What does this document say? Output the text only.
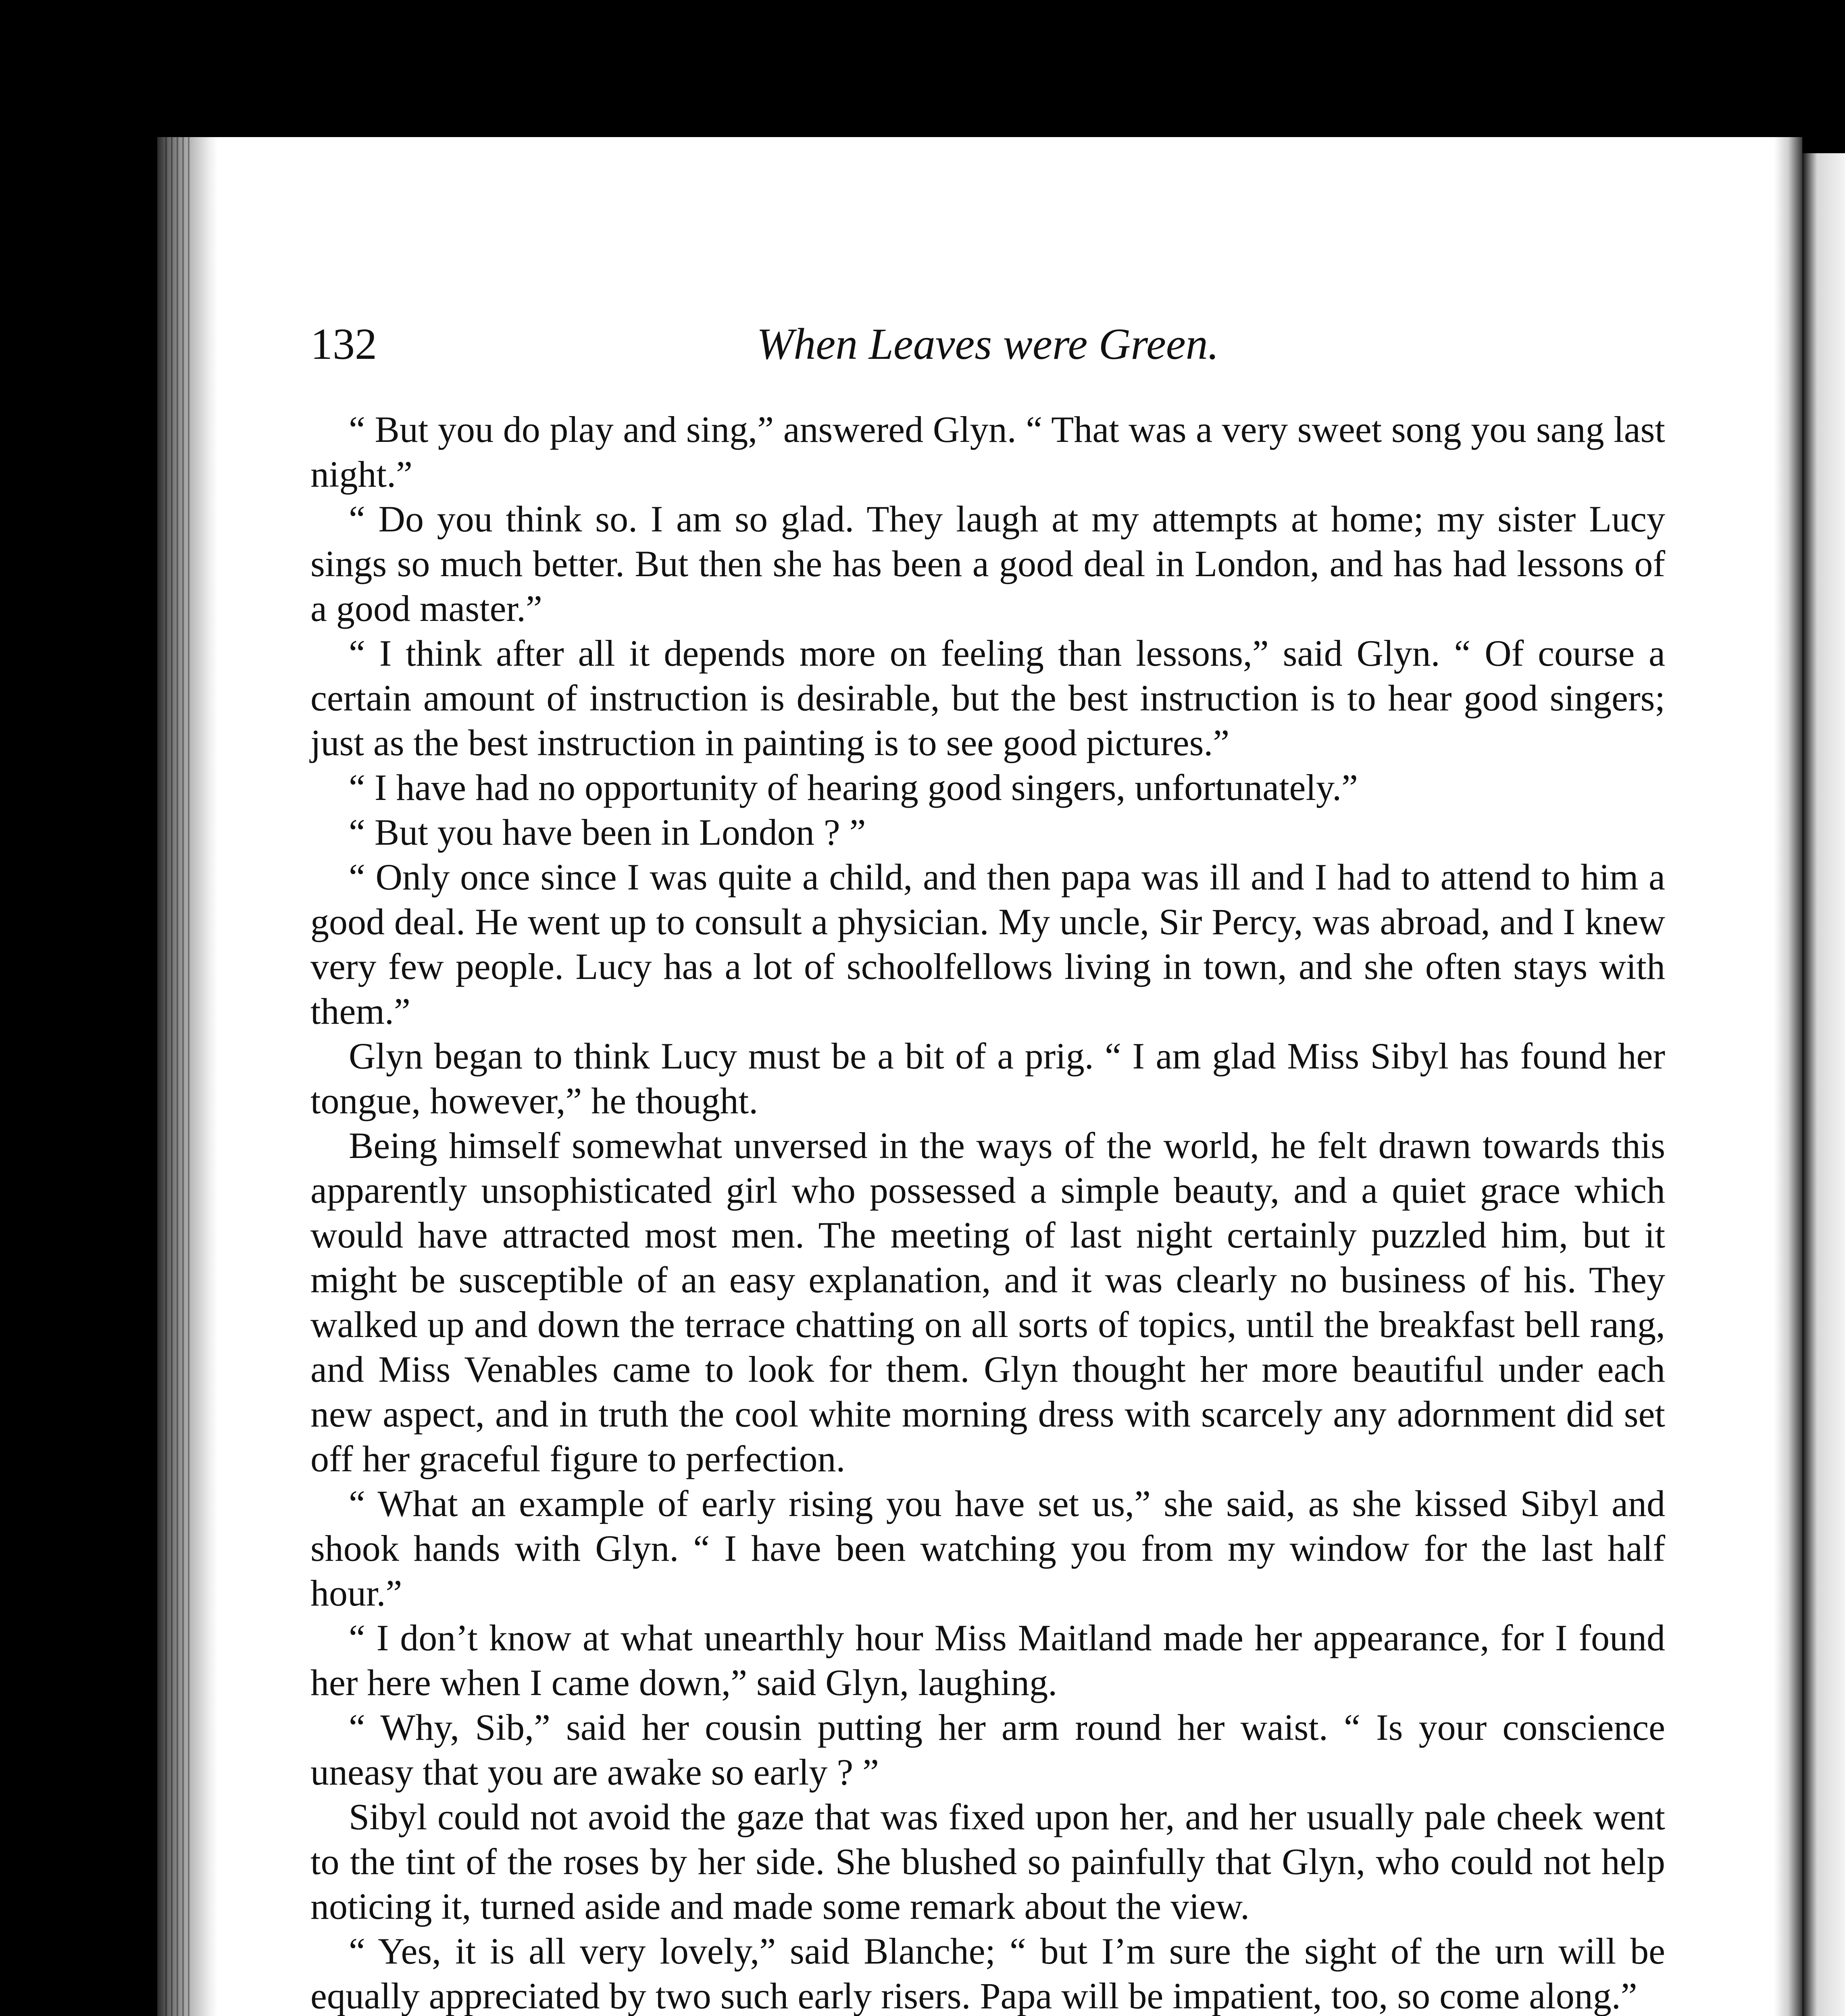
132	When Leaves were Green.

“ But you do play and sing,” answered Glyn. “ That was a very sweet song you sang last night.”

“ Do you think so. I am so glad. They laugh at my attempts at home; my sister Lucy sings so much better. But then she has been a good deal in London, and has had lessons of a good master.”

“ I think after all it depends more on feeling than lessons,” said Glyn. “ Of course a certain amount of instruction is desirable, but the best instruction is to hear good singers; just as the best instruction in painting is to see good pictures.”

“ I have had no opportunity of hearing good singers, unfortunately.”

“ But you have been in London ? ”

“ Only once since I was quite a child, and then papa was ill and I had to attend to him a good deal. He went up to consult a physician. My uncle, Sir Percy, was abroad, and I knew very few people. Lucy has a lot of schoolfellows living in town, and she often stays with them.”

Glyn began to think Lucy must be a bit of a prig. “ I am glad Miss Sibyl has found her tongue, however,” he thought.

Being himself somewhat unversed in the ways of the world, he felt drawn towards this apparently unsophisticated girl who possessed a simple beauty, and a quiet grace which would have attracted most men. The meeting of last night certainly puzzled him, but it might be susceptible of an easy explanation, and it was clearly no business of his. They walked up and down the terrace chatting on all sorts of topics, until the breakfast bell rang, and Miss Venables came to look for them. Glyn thought her more beautiful under each new aspect, and in truth the cool white morning dress with scarcely any adornment did set off her graceful figure to perfection.

“ What an example of early rising you have set us,” she said, as she kissed Sibyl and shook hands with Glyn. “ I have been watching you from my window for the last half hour.”

“ I don’t know at what unearthly hour Miss Maitland made her appearance, for I found her here when I came down,” said Glyn, laughing.

“ Why, Sib,” said her cousin putting her arm round her waist. “ Is your conscience uneasy that you are awake so early ? ”

Sibyl could not avoid the gaze that was fixed upon her, and her usually pale cheek went to the tint of the roses by her side. She blushed so painfully that Glyn, who could not help noticing it, turned aside and made some remark about the view.

“ Yes, it is all very lovely,” said Blanche; “ but I’m sure the sight of the urn will be equally appreciated by two such early risers. Papa will be impatient, too, so come along.”
